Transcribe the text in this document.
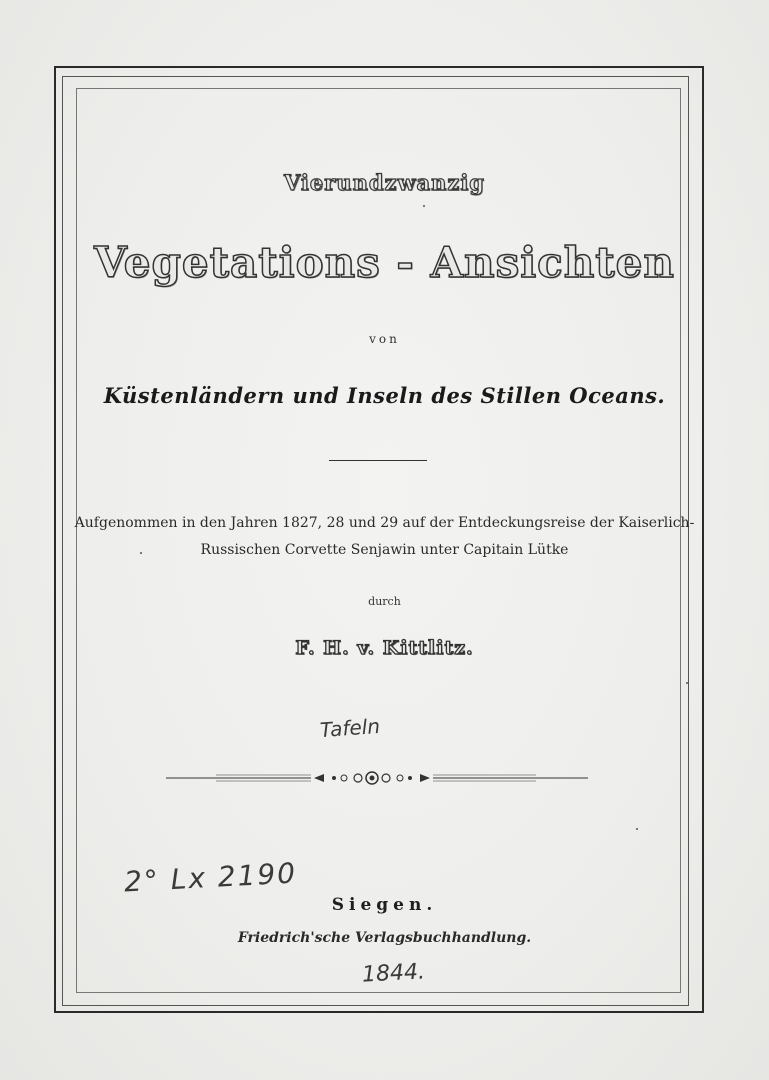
Vierundzwanzig
Vegetations - Ansichten
von
Küstenländern und Inseln des Stillen Oceans.
Aufgenommen in den Jahren 1827, 28 und 29 auf der Entdeckungsreise der Kaiserlich-
Russischen Corvette Senjawin unter Capitain Lütke
durch
F. H. v. Kittlitz.
Tafeln
2° Lx 2190
Siegen.
Friedrich'sche Verlagsbuchhandlung.
1844.
